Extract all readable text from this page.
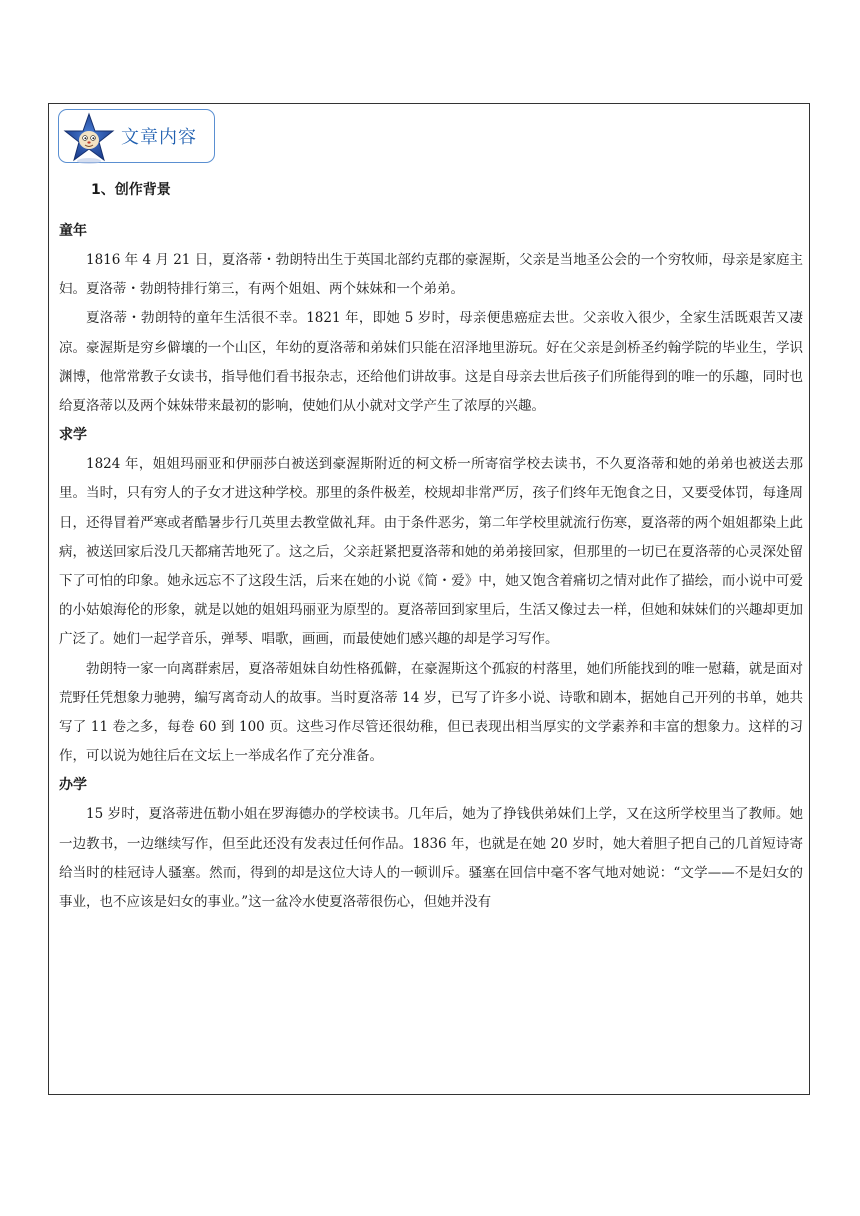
文章内容
1、创作背景
童年

1816 年 4 月 21 日，夏洛蒂・勃朗特出生于英国北部约克郡的豪渥斯，父亲是当地圣公会的一个穷牧师，母亲是家庭主妇。夏洛蒂・勃朗特排行第三，有两个姐姐、两个妹妹和一个弟弟。

夏洛蒂・勃朗特的童年生活很不幸。1821 年，即她 5 岁时，母亲便患癌症去世。父亲收入很少，全家生活既艰苦又凄凉。豪渥斯是穷乡僻壤的一个山区，年幼的夏洛蒂和弟妹们只能在沼泽地里游玩。好在父亲是剑桥圣约翰学院的毕业生，学识渊博，他常常教子女读书，指导他们看书报杂志，还给他们讲故事。这是自母亲去世后孩子们所能得到的唯一的乐趣，同时也给夏洛蒂以及两个妹妹带来最初的影响，使她们从小就对文学产生了浓厚的兴趣。

求学

1824 年，姐姐玛丽亚和伊丽莎白被送到豪渥斯附近的柯文桥一所寄宿学校去读书，不久夏洛蒂和她的弟弟也被送去那里。当时，只有穷人的子女才进这种学校。那里的条件极差，校规却非常严厉，孩子们终年无饱食之日，又要受体罚，每逢周日，还得冒着严寒或者酷暑步行几英里去教堂做礼拜。由于条件恶劣，第二年学校里就流行伤寒，夏洛蒂的两个姐姐都染上此病，被送回家后没几天都痛苦地死了。这之后，父亲赶紧把夏洛蒂和她的弟弟接回家，但那里的一切已在夏洛蒂的心灵深处留下了可怕的印象。她永远忘不了这段生活，后来在她的小说《简・爱》中，她又饱含着痛切之情对此作了描绘，而小说中可爱的小姑娘海伦的形象，就是以她的姐姐玛丽亚为原型的。夏洛蒂回到家里后，生活又像过去一样，但她和妹妹们的兴趣却更加广泛了。她们一起学音乐，弹琴、唱歌，画画，而最使她们感兴趣的却是学习写作。

勃朗特一家一向离群索居，夏洛蒂姐妹自幼性格孤僻，在豪渥斯这个孤寂的村落里，她们所能找到的唯一慰藉，就是面对荒野任凭想象力驰骋，编写离奇动人的故事。当时夏洛蒂 14 岁，已写了许多小说、诗歌和剧本，据她自己开列的书单，她共写了 11 卷之多，每卷 60 到 100 页。这些习作尽管还很幼稚，但已表现出相当厚实的文学素养和丰富的想象力。这样的习作，可以说为她往后在文坛上一举成名作了充分准备。

办学

15 岁时，夏洛蒂进伍勒小姐在罗海德办的学校读书。几年后，她为了挣钱供弟妹们上学，又在这所学校里当了教师。她一边教书，一边继续写作，但至此还没有发表过任何作品。1836 年，也就是在她 20 岁时，她大着胆子把自己的几首短诗寄给当时的桂冠诗人骚塞。然而，得到的却是这位大诗人的一顿训斥。骚塞在回信中毫不客气地对她说：“文学——不是妇女的事业，也不应该是妇女的事业。”这一盆冷水使夏洛蒂很伤心，但她并没有
